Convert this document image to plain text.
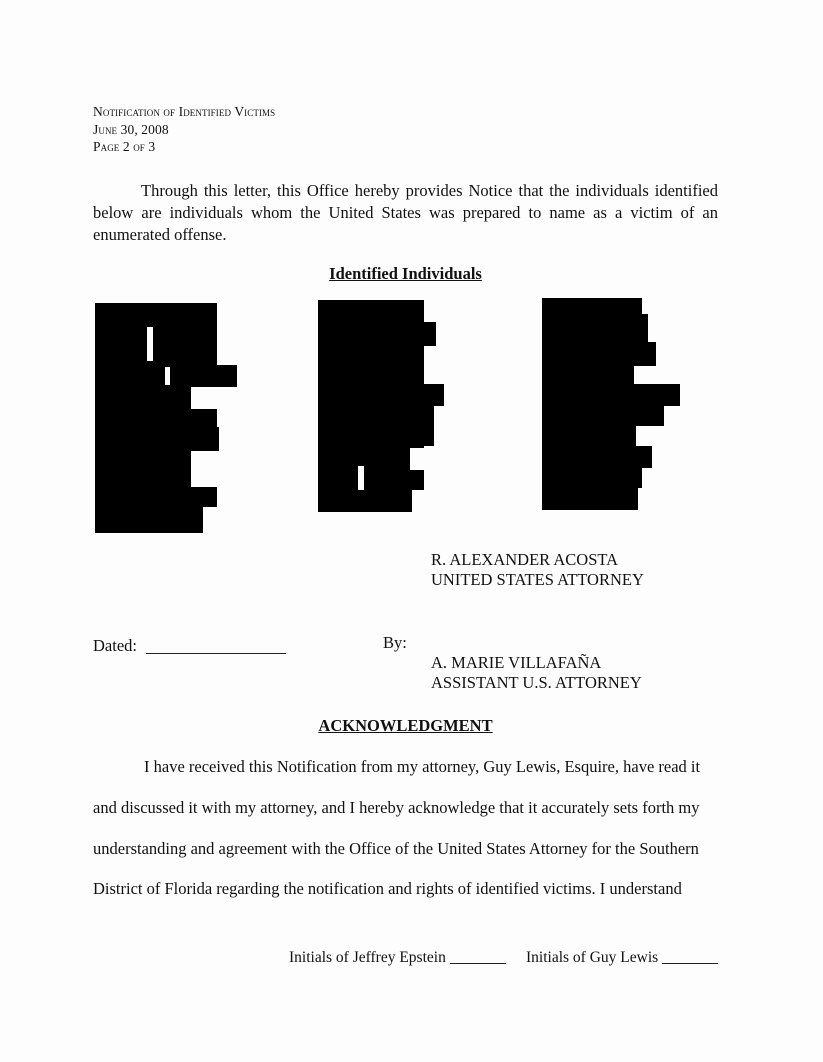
Notification of Identified Victims
June 30, 2008
Page 2 of 3
Through this letter, this Office hereby provides Notice that the individuals identified below are individuals whom the United States was prepared to name as a victim of an enumerated offense.
Identified Individuals
R. ALEXANDER ACOSTA
UNITED STATES ATTORNEY
Dated:	By:
A. MARIE VILLAFAÑA
ASSISTANT U.S. ATTORNEY
ACKNOWLEDGMENT
I have received this Notification from my attorney, Guy Lewis, Esquire, have read it
and discussed it with my attorney, and I hereby acknowledge that it accurately sets forth my
understanding and agreement with the Office of the United States Attorney for the Southern
District of Florida regarding the notification and rights of identified victims. I understand
Initials of Jeffrey Epstein	Initials of Guy Lewis
